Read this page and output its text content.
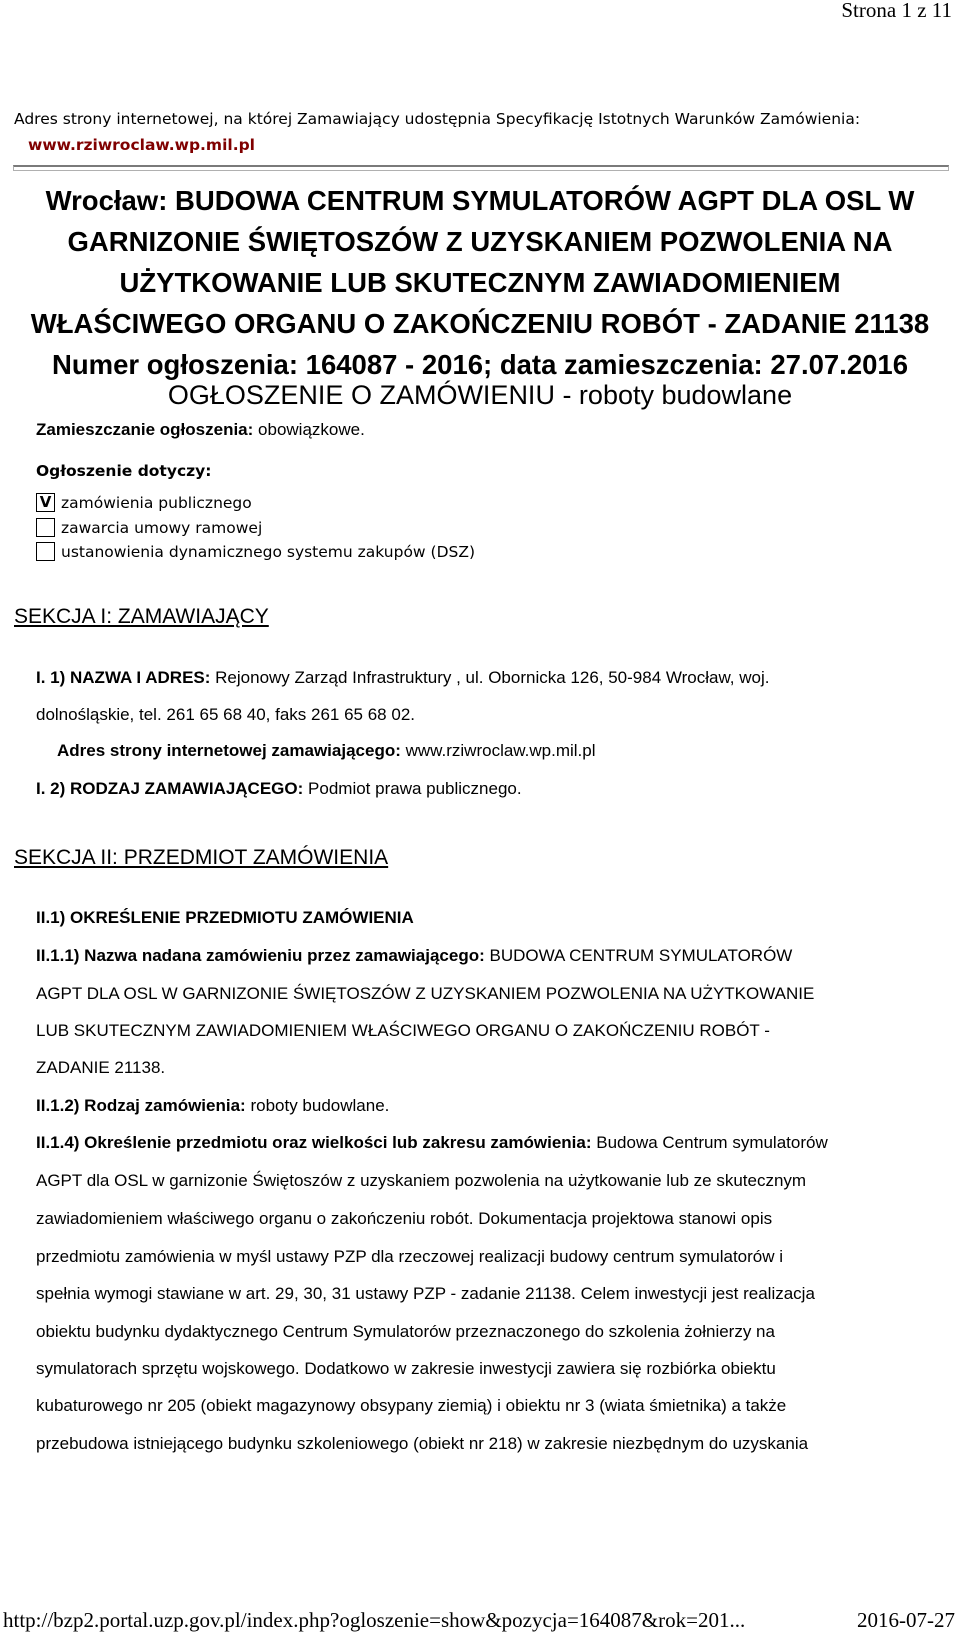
Strona 1 z 11
Adres strony internetowej, na której Zamawiający udostępnia Specyfikację Istotnych Warunków Zamówienia:
www.rziwroclaw.wp.mil.pl
Wrocław: BUDOWA CENTRUM SYMULATORÓW AGPT DLA OSL W
GARNIZONIE ŚWIĘTOSZÓW Z UZYSKANIEM POZWOLENIA NA
UŻYTKOWANIE LUB SKUTECZNYM ZAWIADOMIENIEM
WŁAŚCIWEGO ORGANU O ZAKOŃCZENIU ROBÓT - ZADANIE 21138
Numer ogłoszenia: 164087 - 2016; data zamieszczenia: 27.07.2016
OGŁOSZENIE O ZAMÓWIENIU - roboty budowlane
Zamieszczanie ogłoszenia: obowiązkowe.
Ogłoszenie dotyczy:
V zamówienia publicznego
zawarcia umowy ramowej
ustanowienia dynamicznego systemu zakupów (DSZ)
SEKCJA I: ZAMAWIAJĄCY
I. 1) NAZWA I ADRES: Rejonowy Zarząd Infrastruktury , ul. Obornicka 126, 50-984 Wrocław, woj.
dolnośląskie, tel. 261 65 68 40, faks 261 65 68 02.
Adres strony internetowej zamawiającego: www.rziwroclaw.wp.mil.pl
I. 2) RODZAJ ZAMAWIAJĄCEGO: Podmiot prawa publicznego.
SEKCJA II: PRZEDMIOT ZAMÓWIENIA
II.1) OKREŚLENIE PRZEDMIOTU ZAMÓWIENIA
II.1.1) Nazwa nadana zamówieniu przez zamawiającego: BUDOWA CENTRUM SYMULATORÓW
AGPT DLA OSL W GARNIZONIE ŚWIĘTOSZÓW Z UZYSKANIEM POZWOLENIA NA UŻYTKOWANIE
LUB SKUTECZNYM ZAWIADOMIENIEM WŁAŚCIWEGO ORGANU O ZAKOŃCZENIU ROBÓT -
ZADANIE 21138.
II.1.2) Rodzaj zamówienia: roboty budowlane.
II.1.4) Określenie przedmiotu oraz wielkości lub zakresu zamówienia: Budowa Centrum symulatorów
AGPT dla OSL w garnizonie Świętoszów z uzyskaniem pozwolenia na użytkowanie lub ze skutecznym
zawiadomieniem właściwego organu o zakończeniu robót. Dokumentacja projektowa stanowi opis
przedmiotu zamówienia w myśl ustawy PZP dla rzeczowej realizacji budowy centrum symulatorów i
spełnia wymogi stawiane w art. 29, 30, 31 ustawy PZP - zadanie 21138. Celem inwestycji jest realizacja
obiektu budynku dydaktycznego Centrum Symulatorów przeznaczonego do szkolenia żołnierzy na
symulatorach sprzętu wojskowego. Dodatkowo w zakresie inwestycji zawiera się rozbiórka obiektu
kubaturowego nr 205 (obiekt magazynowy obsypany ziemią) i obiektu nr 3 (wiata śmietnika) a także
przebudowa istniejącego budynku szkoleniowego (obiekt nr 218) w zakresie niezbędnym do uzyskania
http://bzp2.portal.uzp.gov.pl/index.php?ogloszenie=show&pozycja=164087&rok=201...	2016-07-27
